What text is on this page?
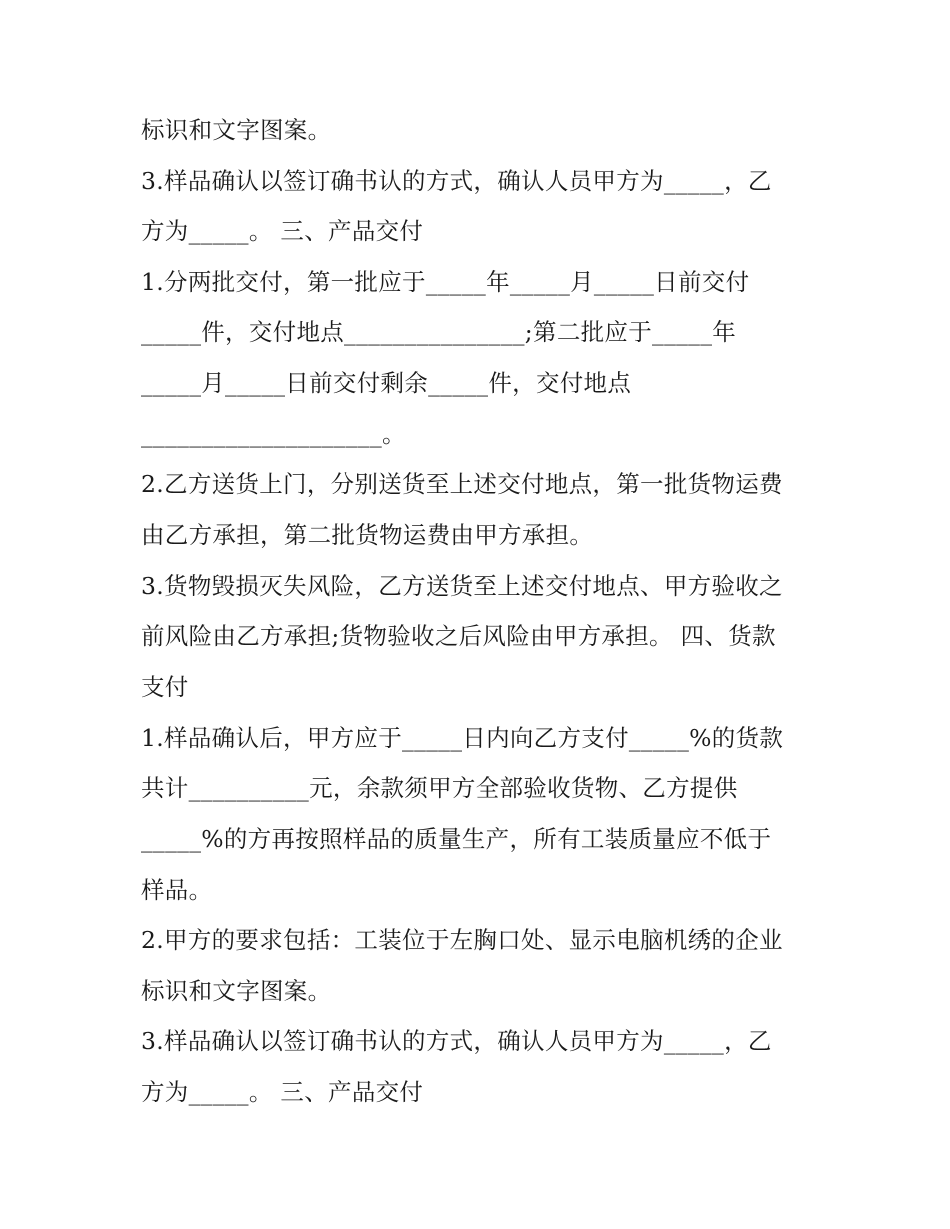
标识和文字图案。
3.样品确认以签订确书认的方式，确认人员甲方为_____，乙
方为_____。 三、产品交付
1.分两批交付，第一批应于_____年_____月_____日前交付
_____件，交付地点_______________;第二批应于_____年
_____月_____日前交付剩余_____件，交付地点
____________________。
2.乙方送货上门，分别送货至上述交付地点，第一批货物运费
由乙方承担，第二批货物运费由甲方承担。
3.货物毁损灭失风险，乙方送货至上述交付地点、甲方验收之
前风险由乙方承担;货物验收之后风险由甲方承担。 四、货款
支付
1.样品确认后，甲方应于_____日内向乙方支付_____%的货款
共计__________元，余款须甲方全部验收货物、乙方提供
_____%的方再按照样品的质量生产，所有工装质量应不低于
样品。
2.甲方的要求包括：工装位于左胸口处、显示电脑机绣的企业
标识和文字图案。
3.样品确认以签订确书认的方式，确认人员甲方为_____，乙
方为_____。 三、产品交付
